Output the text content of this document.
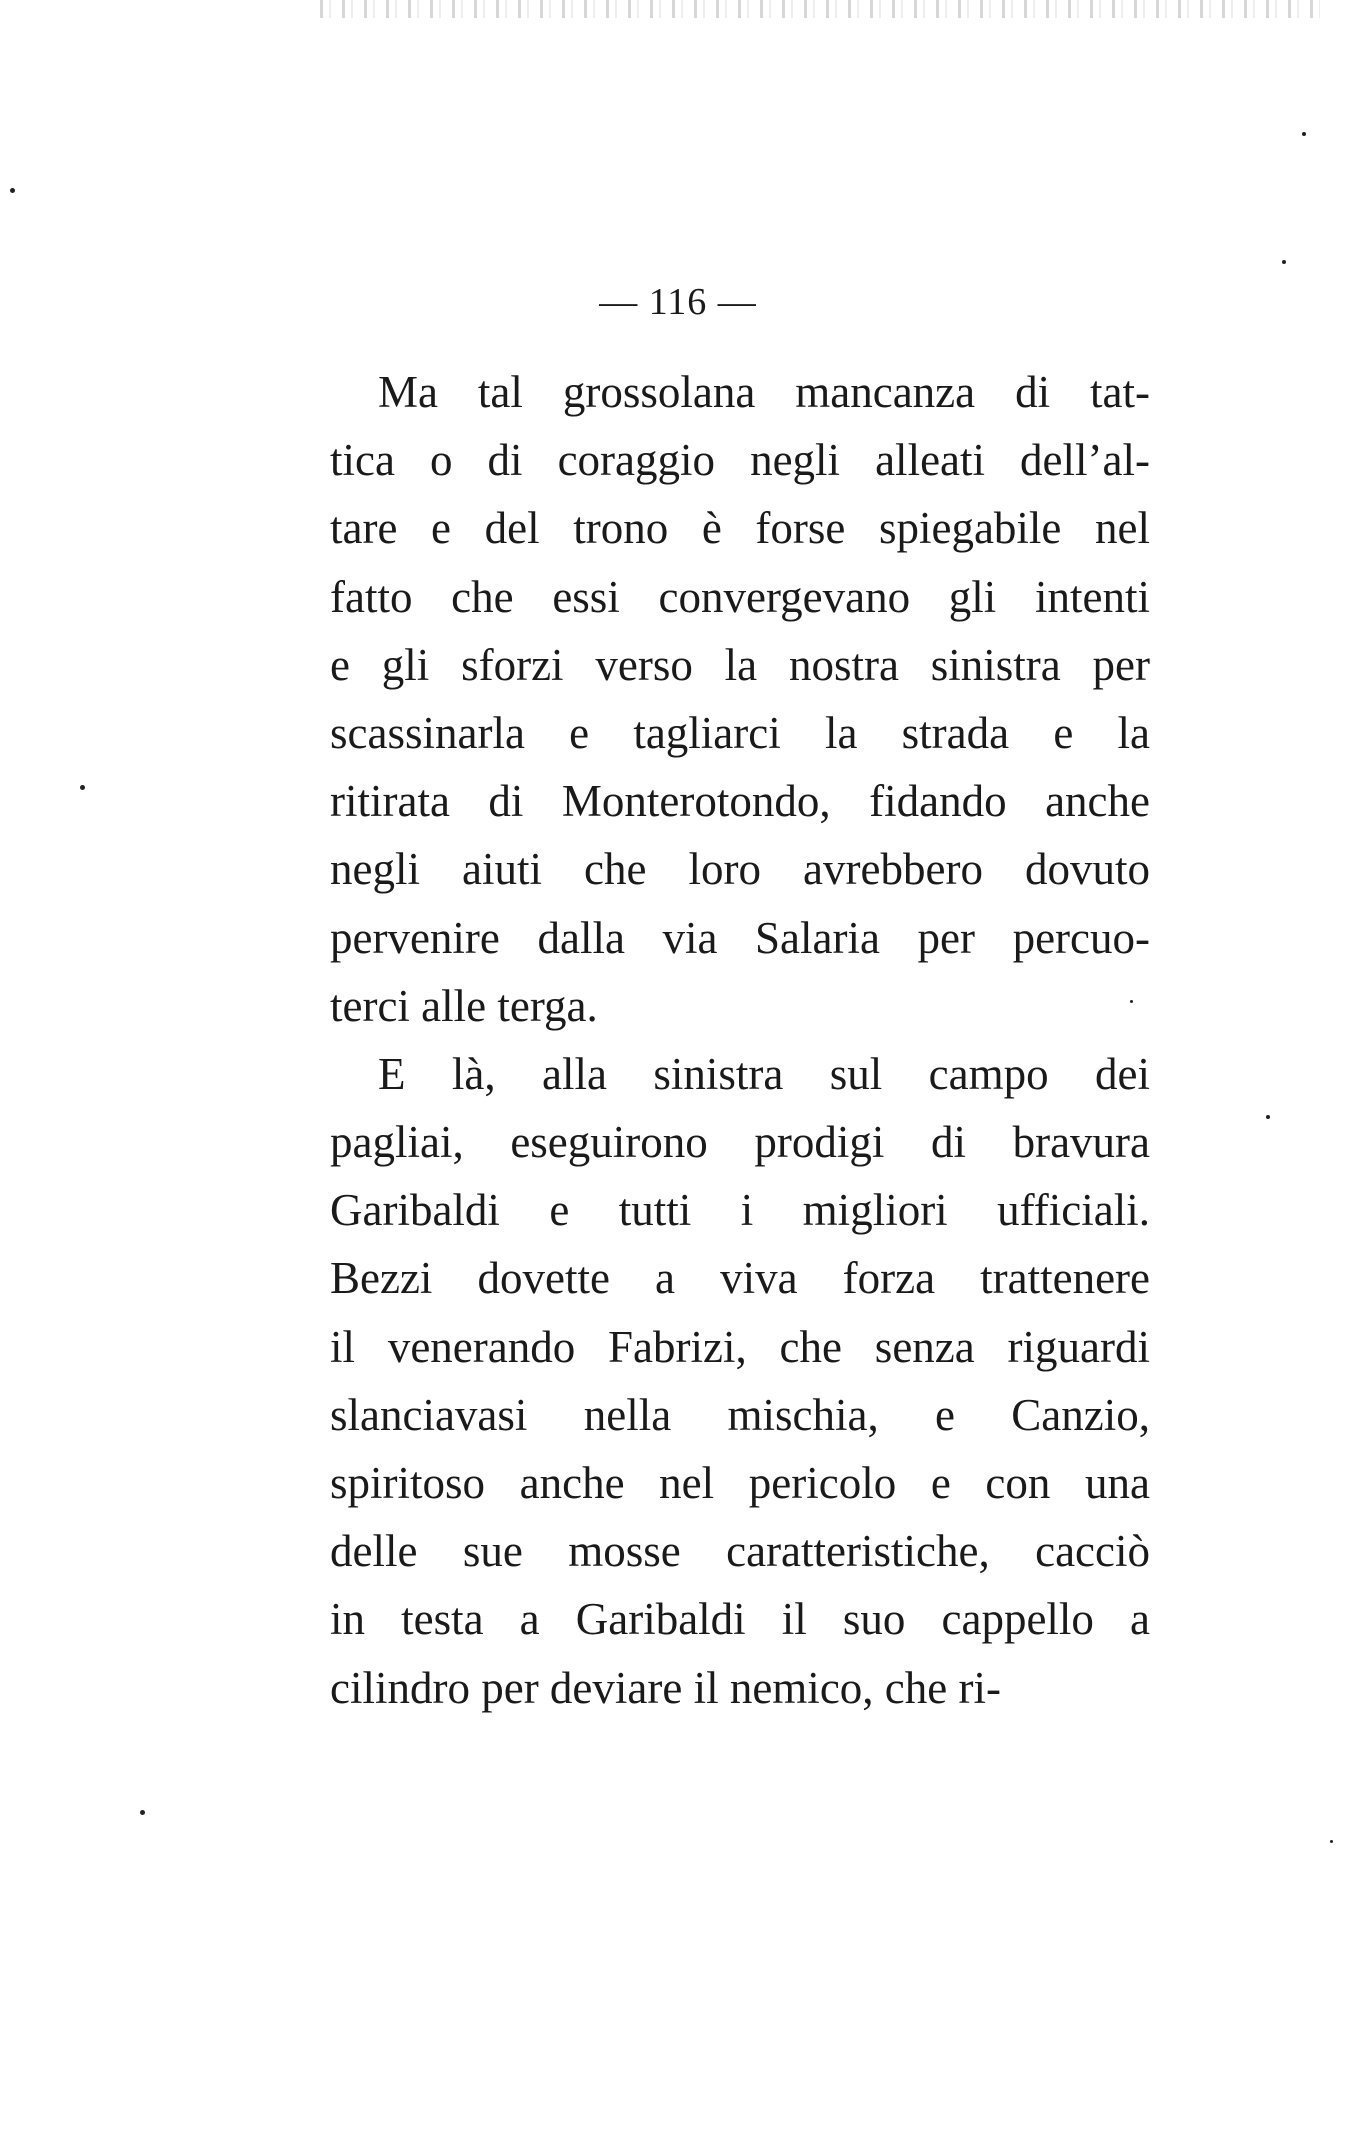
— 116 —
Ma tal grossolana mancanza di tat-
tica o di coraggio negli alleati dell’al-
tare e del trono è forse spiegabile nel
fatto che essi convergevano gli intenti
e gli sforzi verso la nostra sinistra per
scassinarla e tagliarci la strada e la
ritirata di Monterotondo, fidando anche
negli aiuti che loro avrebbero dovuto
pervenire dalla via Salaria per percuo-
terci alle terga.
E là, alla sinistra sul campo dei
pagliai, eseguirono prodigi di bravura
Garibaldi e tutti i migliori ufficiali.
Bezzi dovette a viva forza trattenere
il venerando Fabrizi, che senza riguardi
slanciavasi nella mischia, e Canzio,
spiritoso anche nel pericolo e con una
delle sue mosse caratteristiche, cacciò
in testa a Garibaldi il suo cappello a
cilindro per deviare il nemico, che ri-
